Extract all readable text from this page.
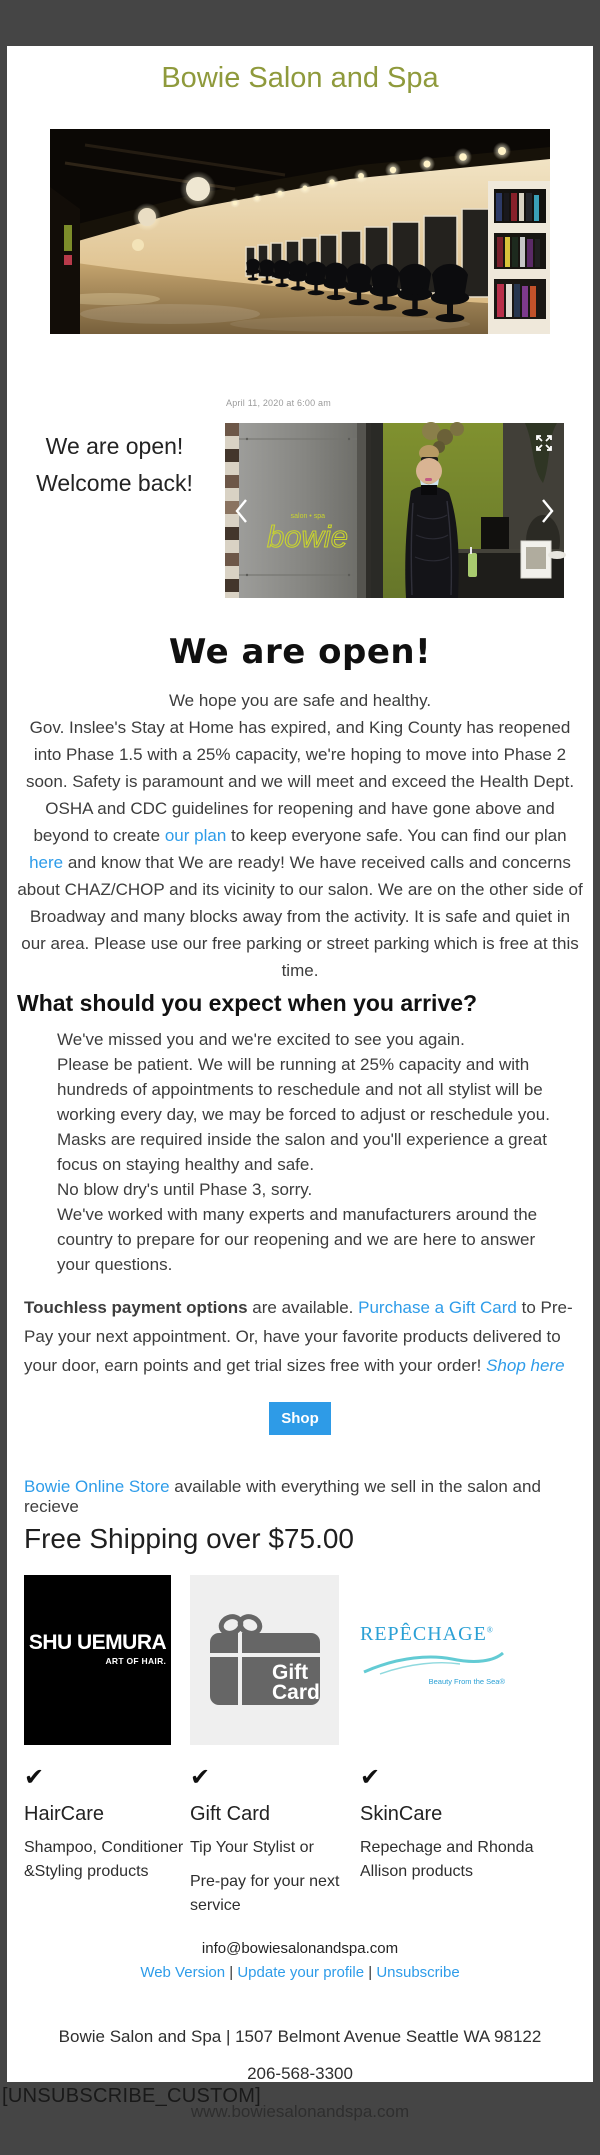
Bowie Salon and Spa
We are open!
Welcome back!
April 11, 2020 at 6:00 am
salon • spa
bowie
We are open!
We hope you are safe and healthy.
Gov. Inslee's Stay at Home has expired, and King County has reopened into Phase 1.5 with a 25% capacity, we're hoping to move into Phase 2 soon. Safety is paramount and we will meet and exceed the Health Dept. OSHA and CDC guidelines for reopening and have gone above and beyond to create our plan to keep everyone safe. You can find our plan here and know that We are ready! We have received calls and concerns about CHAZ/CHOP and its vicinity to our salon. We are on the other side of Broadway and many blocks away from the activity. It is safe and quiet in our area. Please use our free parking or street parking which is free at this time.
What should you expect when you arrive?
We've missed you and we're excited to see you again.
Please be patient. We will be running at 25% capacity and with hundreds of appointments to reschedule and not all stylist will be working every day, we may be forced to adjust or reschedule you.
Masks are required inside the salon and you'll experience a great focus on staying healthy and safe.
No blow dry's until Phase 3, sorry.
We've worked with many experts and manufacturers around the country to prepare for our reopening and we are here to answer your questions.
Touchless payment options are available. Purchase a Gift Card to Pre-Pay your next appointment. Or, have your favorite products delivered to your door, earn points and get trial sizes free with your order! Shop here
Shop
Bowie Online Store available with everything we sell in the salon and recieve
Free Shipping over $75.00
SHU UEMURA
ART OF HAIR.
✔
HairCare
Shampoo, Conditioner
&Styling products
Gift
Card
✔
Gift Card
Tip Your Stylist or
Pre-pay for your next service
REPÊCHAGE®
Beauty From the Sea®
✔
SkinCare
Repechage and Rhonda Allison products
info@bowiesalonandspa.com
Web Version | Update your profile | Unsubscribe
Bowie Salon and Spa | 1507 Belmont Avenue Seattle WA 98122
206-568-3300
www.bowiesalonandspa.com
[UNSUBSCRIBE_CUSTOM]
